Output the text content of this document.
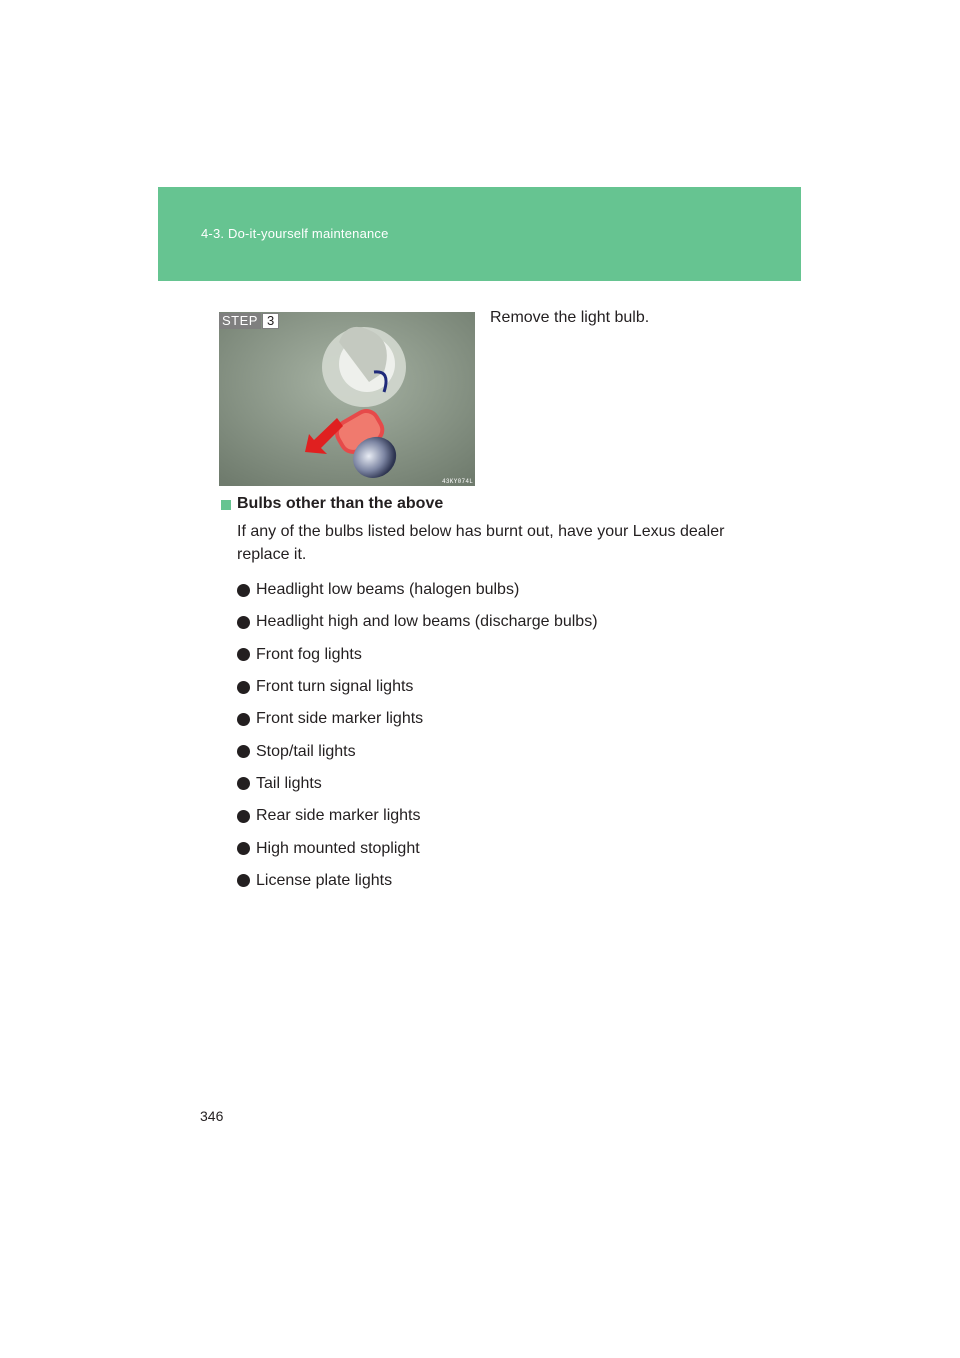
4-3. Do-it-yourself maintenance
STEP 3
43KY074L
Remove the light bulb.
Bulbs other than the above
If any of the bulbs listed below has burnt out, have your Lexus dealer replace it.
Headlight low beams (halogen bulbs)
Headlight high and low beams (discharge bulbs)
Front fog lights
Front turn signal lights
Front side marker lights
Stop/tail lights
Tail lights
Rear side marker lights
High mounted stoplight
License plate lights
346
